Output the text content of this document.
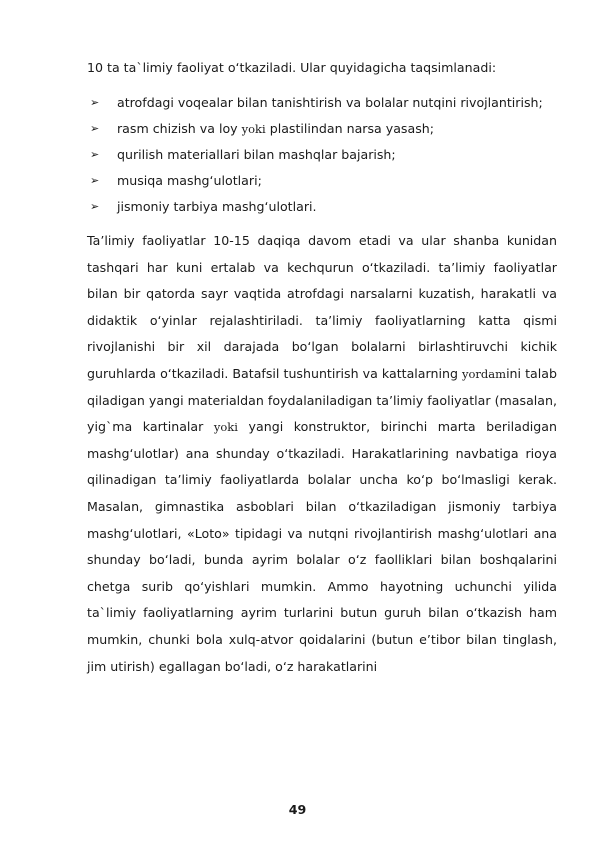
10 ta ta`limiy faoliyat o‘tkaziladi. Ular quyidagicha taqsimlanadi:

➢ atrofdagi voqealar bilan tanishtirish va bolalar nutqini rivojlantirish;
➢ rasm chizish va loy yoki plastilindan narsa yasash;
➢ qurilish materiallari bilan mashqlar bajarish;
➢ musiqa mashg‘ulotlari;
➢ jismoniy tarbiya mashg‘ulotlari.

Ta’limiy faoliyatlar 10-15 daqiqa davom etadi va ular shanba kunidan tashqari har kuni ertalab va kechqurun o‘tkaziladi. ta’limiy faoliyatlar bilan bir qatorda sayr vaqtida atrofdagi narsalarni kuzatish, harakatli va didaktik o‘yinlar rejalashtiriladi. ta’limiy faoliyatlarning katta qismi rivojlanishi bir xil darajada bo‘lgan bolalarni birlashtiruvchi kichik guruhlarda o‘tkaziladi. Batafsil tushuntirish va kattalarning yordamini talab qiladigan yangi materialdan foydalaniladigan ta’limiy faoliyatlar (masalan, yig`ma kartinalar yoki yangi konstruktor, birinchi marta beriladigan mashg‘ulotlar) ana shunday o‘tkaziladi. Harakatlarining navbatiga rioya qilinadigan ta’limiy faoliyatlarda bolalar uncha ko‘p bo‘lmasligi kerak. Masalan, gimnastika asboblari bilan o‘tkaziladigan jismoniy tarbiya mashg‘ulotlari, «Loto» tipidagi va nutqni rivojlantirish mashg‘ulotlari ana shunday bo‘ladi, bunda ayrim bolalar o‘z faolliklari bilan boshqalarini chetga surib qo‘yishlari mumkin. Ammo hayotning uchunchi yilida ta`limiy faoliyatlarning ayrim turlarini butun guruh bilan o‘tkazish ham mumkin, chunki bola xulq-atvor qoidalarini (butun e’tibor bilan tinglash, jim utirish) egallagan bo‘ladi, o‘z harakatlarini

49
